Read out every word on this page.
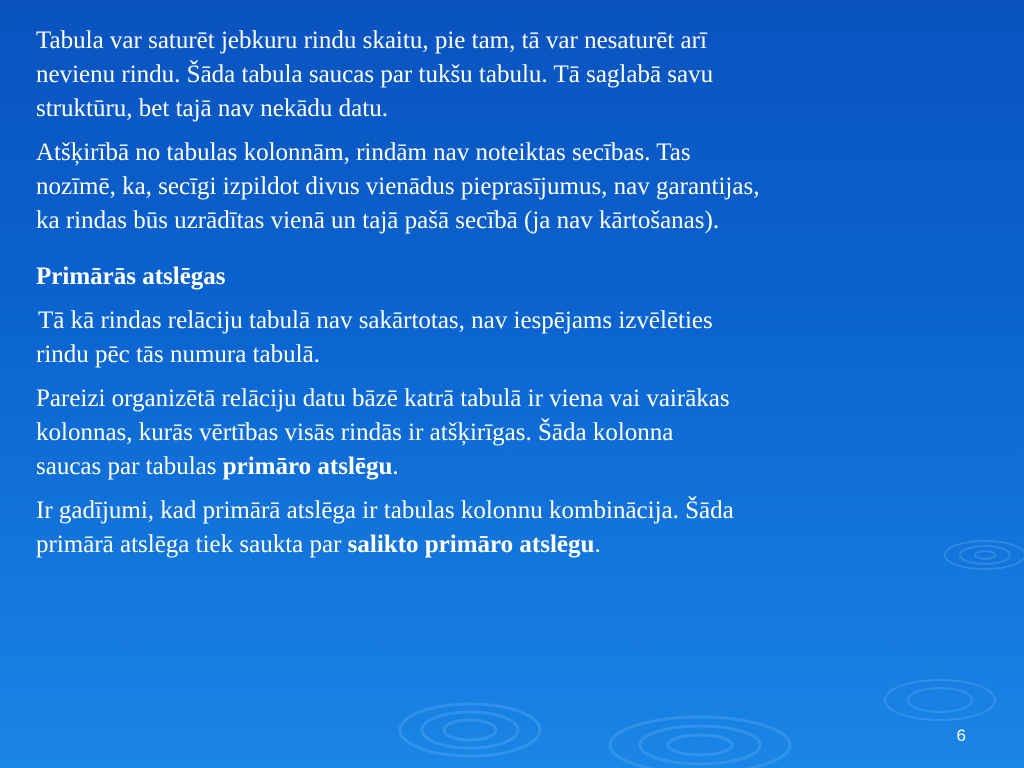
Tabula var saturēt jebkuru rindu skaitu, pie tam, tā var nesaturēt arī
nevienu rindu. Šāda tabula saucas par tukšu tabulu. Tā saglabā savu
struktūru, bet tajā nav nekādu datu.

Atšķirībā no tabulas kolonnām, rindām nav noteiktas secības. Tas
nozīmē, ka, secīgi izpildot divus vienādus pieprasījumus, nav garantijas,
ka rindas būs uzrādītas vienā un tajā pašā secībā (ja nav kārtošanas).

Primārās atslēgas

Tā kā rindas relāciju tabulā nav sakārtotas, nav iespējams izvēlēties
rindu pēc tās numura tabulā.

Pareizi organizētā relāciju datu bāzē katrā tabulā ir viena vai vairākas
kolonnas, kurās vērtības visās rindās ir atšķirīgas. Šāda kolonna
saucas par tabulas primāro atslēgu.

Ir gadījumi, kad primārā atslēga ir tabulas kolonnu kombinācija. Šāda
primārā atslēga tiek saukta par salikto primāro atslēgu.

6
